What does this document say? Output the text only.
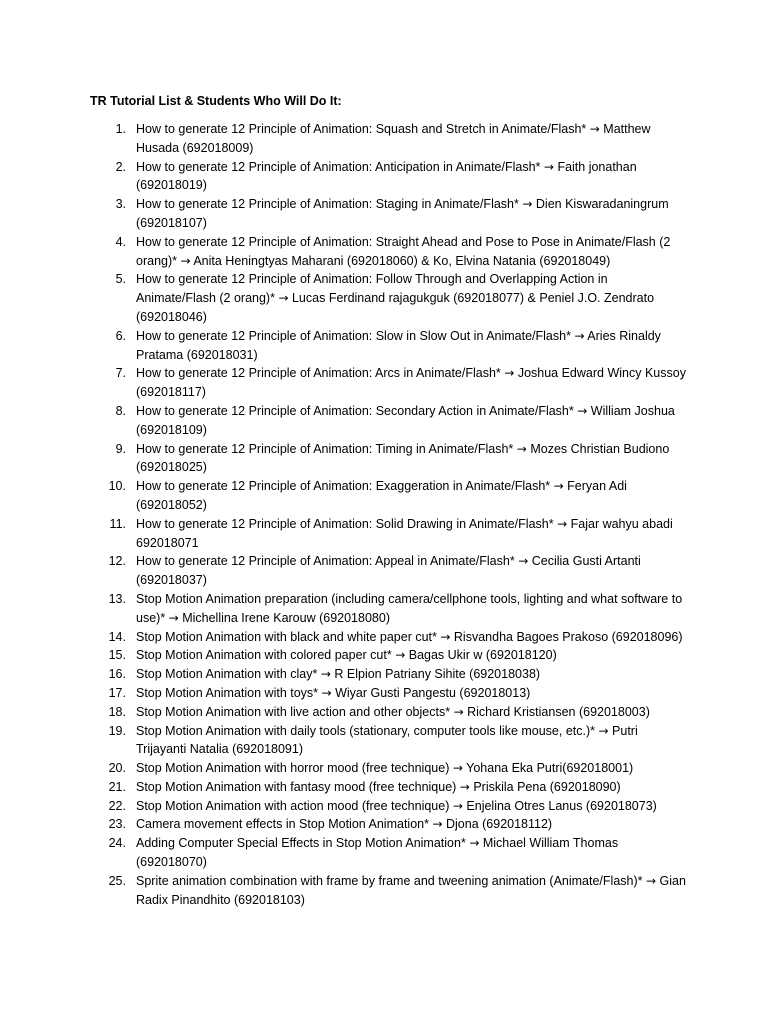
TR Tutorial List & Students Who Will Do It:
1. How to generate 12 Principle of Animation: Squash and Stretch in Animate/Flash* → Matthew Husada (692018009)
2. How to generate 12 Principle of Animation: Anticipation in Animate/Flash* → Faith jonathan (692018019)
3. How to generate 12 Principle of Animation: Staging in Animate/Flash* → Dien Kiswaradaningrum (692018107)
4. How to generate 12 Principle of Animation: Straight Ahead and Pose to Pose in Animate/Flash (2 orang)* → Anita Heningtyas Maharani (692018060) & Ko, Elvina Natania (692018049)
5. How to generate 12 Principle of Animation: Follow Through and Overlapping Action in Animate/Flash (2 orang)* → Lucas Ferdinand rajagukguk (692018077) & Peniel J.O. Zendrato (692018046)
6. How to generate 12 Principle of Animation: Slow in Slow Out in Animate/Flash* → Aries Rinaldy Pratama (692018031)
7. How to generate 12 Principle of Animation: Arcs in Animate/Flash* → Joshua Edward Wincy Kussoy (692018117)
8. How to generate 12 Principle of Animation: Secondary Action in Animate/Flash* → William Joshua (692018109)
9. How to generate 12 Principle of Animation: Timing in Animate/Flash* → Mozes Christian Budiono (692018025)
10. How to generate 12 Principle of Animation: Exaggeration in Animate/Flash* → Feryan Adi (692018052)
11. How to generate 12 Principle of Animation: Solid Drawing in Animate/Flash* → Fajar wahyu abadi 692018071
12. How to generate 12 Principle of Animation: Appeal in Animate/Flash* → Cecilia Gusti Artanti (692018037)
13. Stop Motion Animation preparation (including camera/cellphone tools, lighting and what software to use)* → Michellina Irene Karouw (692018080)
14. Stop Motion Animation with black and white paper cut* → Risvandha Bagoes Prakoso (692018096)
15. Stop Motion Animation with colored paper cut* → Bagas Ukir w (692018120)
16. Stop Motion Animation with clay* → R Elpion Patriany Sihite (692018038)
17. Stop Motion Animation with toys* → Wiyar Gusti Pangestu (692018013)
18. Stop Motion Animation with live action and other objects* → Richard Kristiansen (692018003)
19. Stop Motion Animation with daily tools (stationary, computer tools like mouse, etc.)* → Putri Trijayanti Natalia (692018091)
20. Stop Motion Animation with horror mood (free technique) → Yohana Eka Putri(692018001)
21. Stop Motion Animation with fantasy mood (free technique) → Priskila Pena (692018090)
22. Stop Motion Animation with action mood (free technique) → Enjelina Otres Lanus (692018073)
23. Camera movement effects in Stop Motion Animation* → Djona (692018112)
24. Adding Computer Special Effects in Stop Motion Animation* → Michael William Thomas (692018070)
25. Sprite animation combination with frame by frame and tweening animation (Animate/Flash)* → Gian Radix Pinandhito (692018103)
